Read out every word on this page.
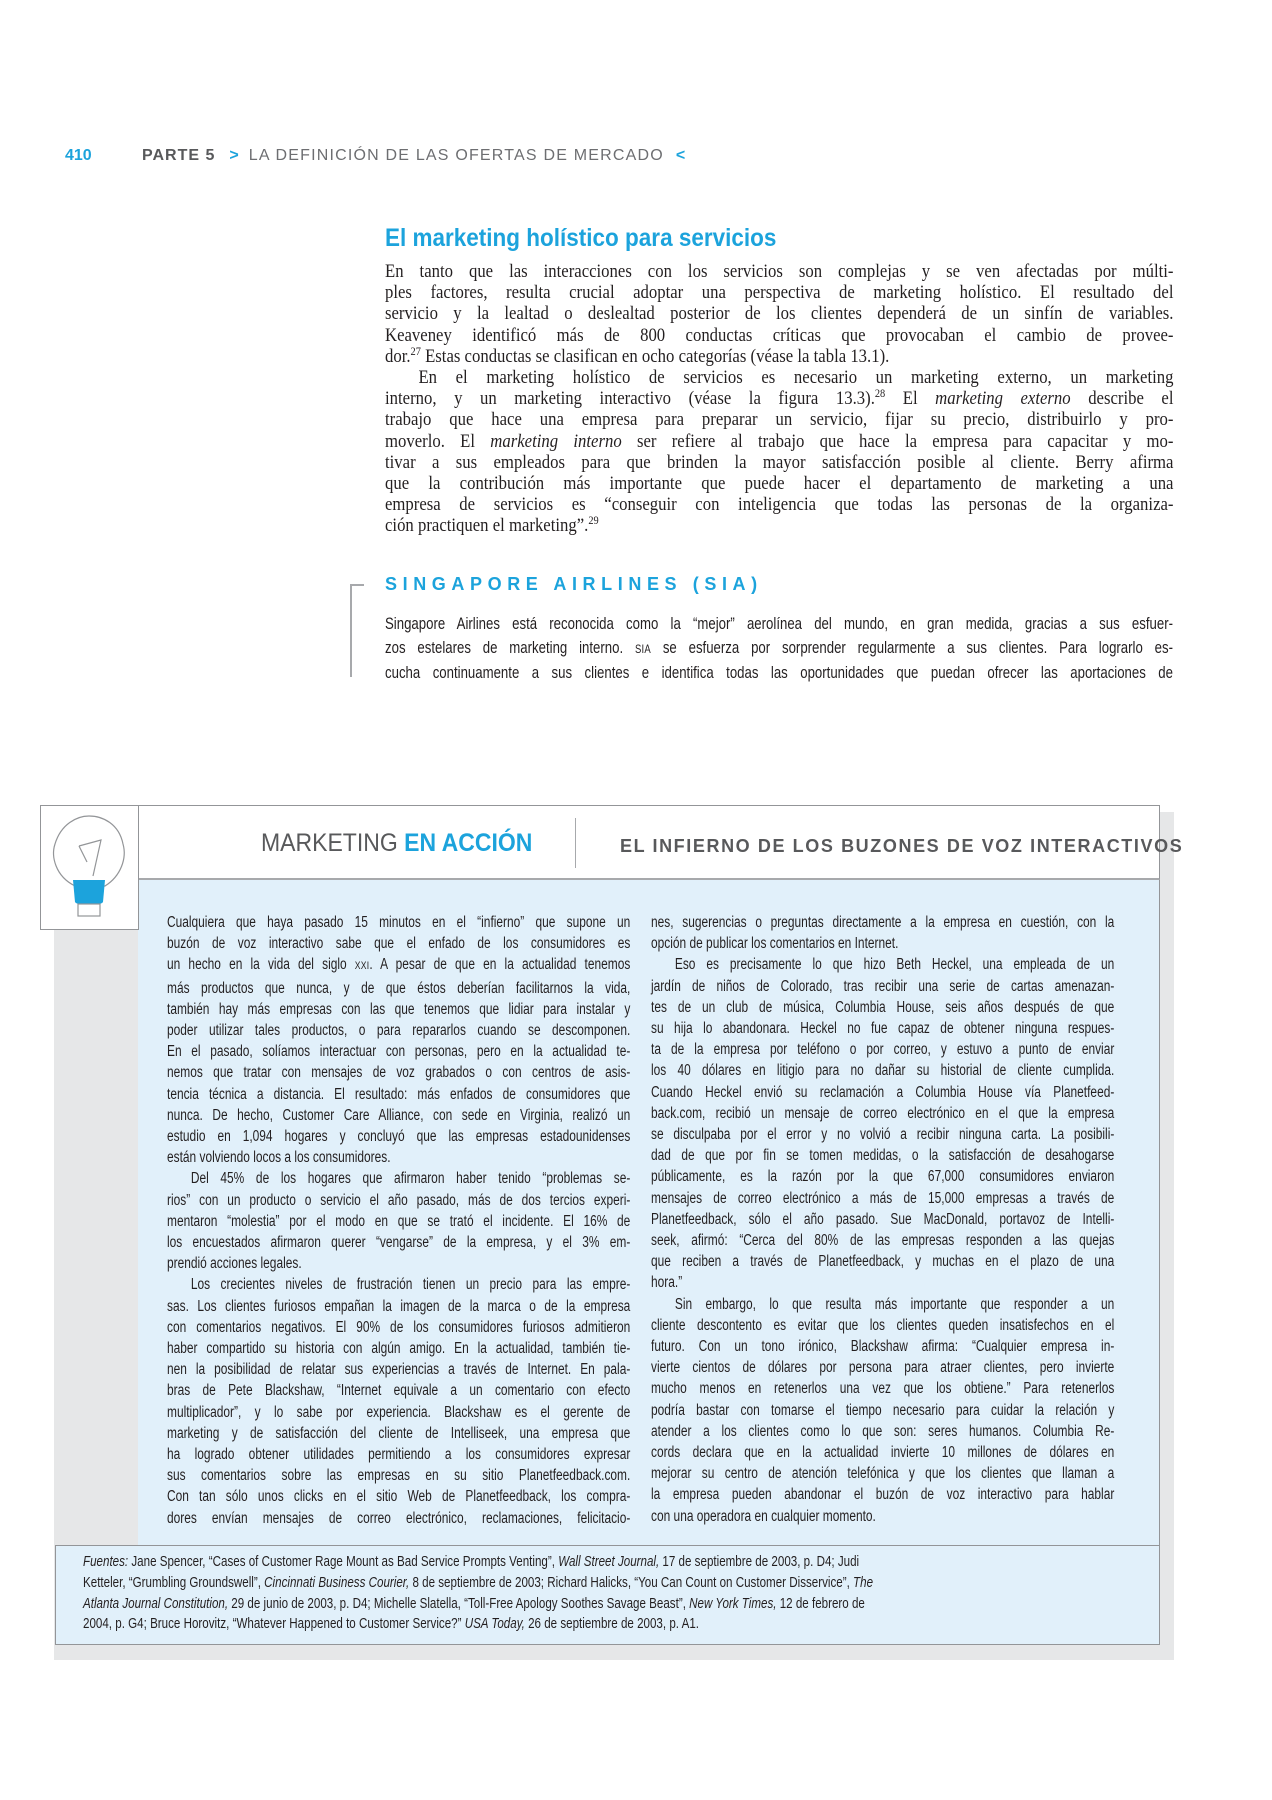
410	PARTE 5 > LA DEFINICIÓN DE LAS OFERTAS DE MERCADO <
El marketing holístico para servicios
En tanto que las interacciones con los servicios son complejas y se ven afectadas por múlti-
ples factores, resulta crucial adoptar una perspectiva de marketing holístico. El resultado del
servicio y la lealtad o deslealtad posterior de los clientes dependerá de un sinfín de variables.
Keaveney identificó más de 800 conductas críticas que provocaban el cambio de provee-
dor.$^{27}$ Estas conductas se clasifican en ocho categorías (véase la tabla 13.1).
En el marketing holístico de servicios es necesario un marketing externo, un marketing
interno, y un marketing interactivo (véase la figura 13.3).$^{28}$ El marketing externo describe el
trabajo que hace una empresa para preparar un servicio, fijar su precio, distribuirlo y pro-
moverlo. El marketing interno ser refiere al trabajo que hace la empresa para capacitar y mo-
tivar a sus empleados para que brinden la mayor satisfacción posible al cliente. Berry afirma
que la contribución más importante que puede hacer el departamento de marketing a una
empresa de servicios es “conseguir con inteligencia que todas las personas de la organiza-
ción practiquen el marketing”.$^{29}$
SINGAPORE AIRLINES (SIA)
Singapore Airlines está reconocida como la “mejor” aerolínea del mundo, en gran medida, gracias a sus esfuer-
zos estelares de marketing interno. SIA se esfuerza por sorprender regularmente a sus clientes. Para lograrlo es-
cucha continuamente a sus clientes e identifica todas las oportunidades que puedan ofrecer las aportaciones de
Cualquiera que haya pasado 15 minutos en el “infierno” que supone un
buzón de voz interactivo sabe que el enfado de los consumidores es
un hecho en la vida del siglo XXI. A pesar de que en la actualidad tenemos
más productos que nunca, y de que éstos deberían facilitarnos la vida,
también hay más empresas con las que tenemos que lidiar para instalar y
poder utilizar tales productos, o para repararlos cuando se descomponen.
En el pasado, solíamos interactuar con personas, pero en la actualidad te-
nemos que tratar con mensajes de voz grabados o con centros de asis-
tencia técnica a distancia. El resultado: más enfados de consumidores que
nunca. De hecho, Customer Care Alliance, con sede en Virginia, realizó un
estudio en 1,094 hogares y concluyó que las empresas estadounidenses
están volviendo locos a los consumidores.
Del 45% de los hogares que afirmaron haber tenido “problemas se-
rios” con un producto o servicio el año pasado, más de dos tercios experi-
mentaron “molestia” por el modo en que se trató el incidente. El 16% de
los encuestados afirmaron querer “vengarse” de la empresa, y el 3% em-
prendió acciones legales.
Los crecientes niveles de frustración tienen un precio para las empre-
sas. Los clientes furiosos empañan la imagen de la marca o de la empresa
con comentarios negativos. El 90% de los consumidores furiosos admitieron
haber compartido su historia con algún amigo. En la actualidad, también tie-
nen la posibilidad de relatar sus experiencias a través de Internet. En pala-
bras de Pete Blackshaw, “Internet equivale a un comentario con efecto
multiplicador”, y lo sabe por experiencia. Blackshaw es el gerente de
marketing y de satisfacción del cliente de Intelliseek, una empresa que
ha logrado obtener utilidades permitiendo a los consumidores expresar
sus comentarios sobre las empresas en su sitio Planetfeedback.com.
Con tan sólo unos clicks en el sitio Web de Planetfeedback, los compra-
dores envían mensajes de correo electrónico, reclamaciones, felicitacio-
nes, sugerencias o preguntas directamente a la empresa en cuestión, con la
opción de publicar los comentarios en Internet.
Eso es precisamente lo que hizo Beth Heckel, una empleada de un
jardín de niños de Colorado, tras recibir una serie de cartas amenazan-
tes de un club de música, Columbia House, seis años después de que
su hija lo abandonara. Heckel no fue capaz de obtener ninguna respues-
ta de la empresa por teléfono o por correo, y estuvo a punto de enviar
los 40 dólares en litigio para no dañar su historial de cliente cumplida.
Cuando Heckel envió su reclamación a Columbia House vía Planetfeed-
back.com, recibió un mensaje de correo electrónico en el que la empresa
se disculpaba por el error y no volvió a recibir ninguna carta. La posibili-
dad de que por fin se tomen medidas, o la satisfacción de desahogarse
públicamente, es la razón por la que 67,000 consumidores enviaron
mensajes de correo electrónico a más de 15,000 empresas a través de
Planetfeedback, sólo el año pasado. Sue MacDonald, portavoz de Intelli-
seek, afirmó: “Cerca del 80% de las empresas responden a las quejas
que reciben a través de Planetfeedback, y muchas en el plazo de una
hora.”
Sin embargo, lo que resulta más importante que responder a un
cliente descontento es evitar que los clientes queden insatisfechos en el
futuro. Con un tono irónico, Blackshaw afirma: “Cualquier empresa in-
vierte cientos de dólares por persona para atraer clientes, pero invierte
mucho menos en retenerlos una vez que los obtiene.” Para retenerlos
podría bastar con tomarse el tiempo necesario para cuidar la relación y
atender a los clientes como lo que son: seres humanos. Columbia Re-
cords declara que en la actualidad invierte 10 millones de dólares en
mejorar su centro de atención telefónica y que los clientes que llaman a
la empresa pueden abandonar el buzón de voz interactivo para hablar
con una operadora en cualquier momento.
MARKETING EN ACCIÓN	EL INFIERNO DE LOS BUZONES DE VOZ INTERACTIVOS
Fuentes: Jane Spencer, “Cases of Customer Rage Mount as Bad Service Prompts Venting”, Wall Street Journal, 17 de septiembre de 2003, p. D4; Judi
Ketteler, “Grumbling Groundswell”, Cincinnati Business Courier, 8 de septiembre de 2003; Richard Halicks, “You Can Count on Customer Disservice”, The
Atlanta Journal Constitution, 29 de junio de 2003, p. D4; Michelle Slatella, “Toll-Free Apology Soothes Savage Beast”, New York Times, 12 de febrero de
2004, p. G4; Bruce Horovitz, “Whatever Happened to Customer Service?” USA Today, 26 de septiembre de 2003, p. A1.
